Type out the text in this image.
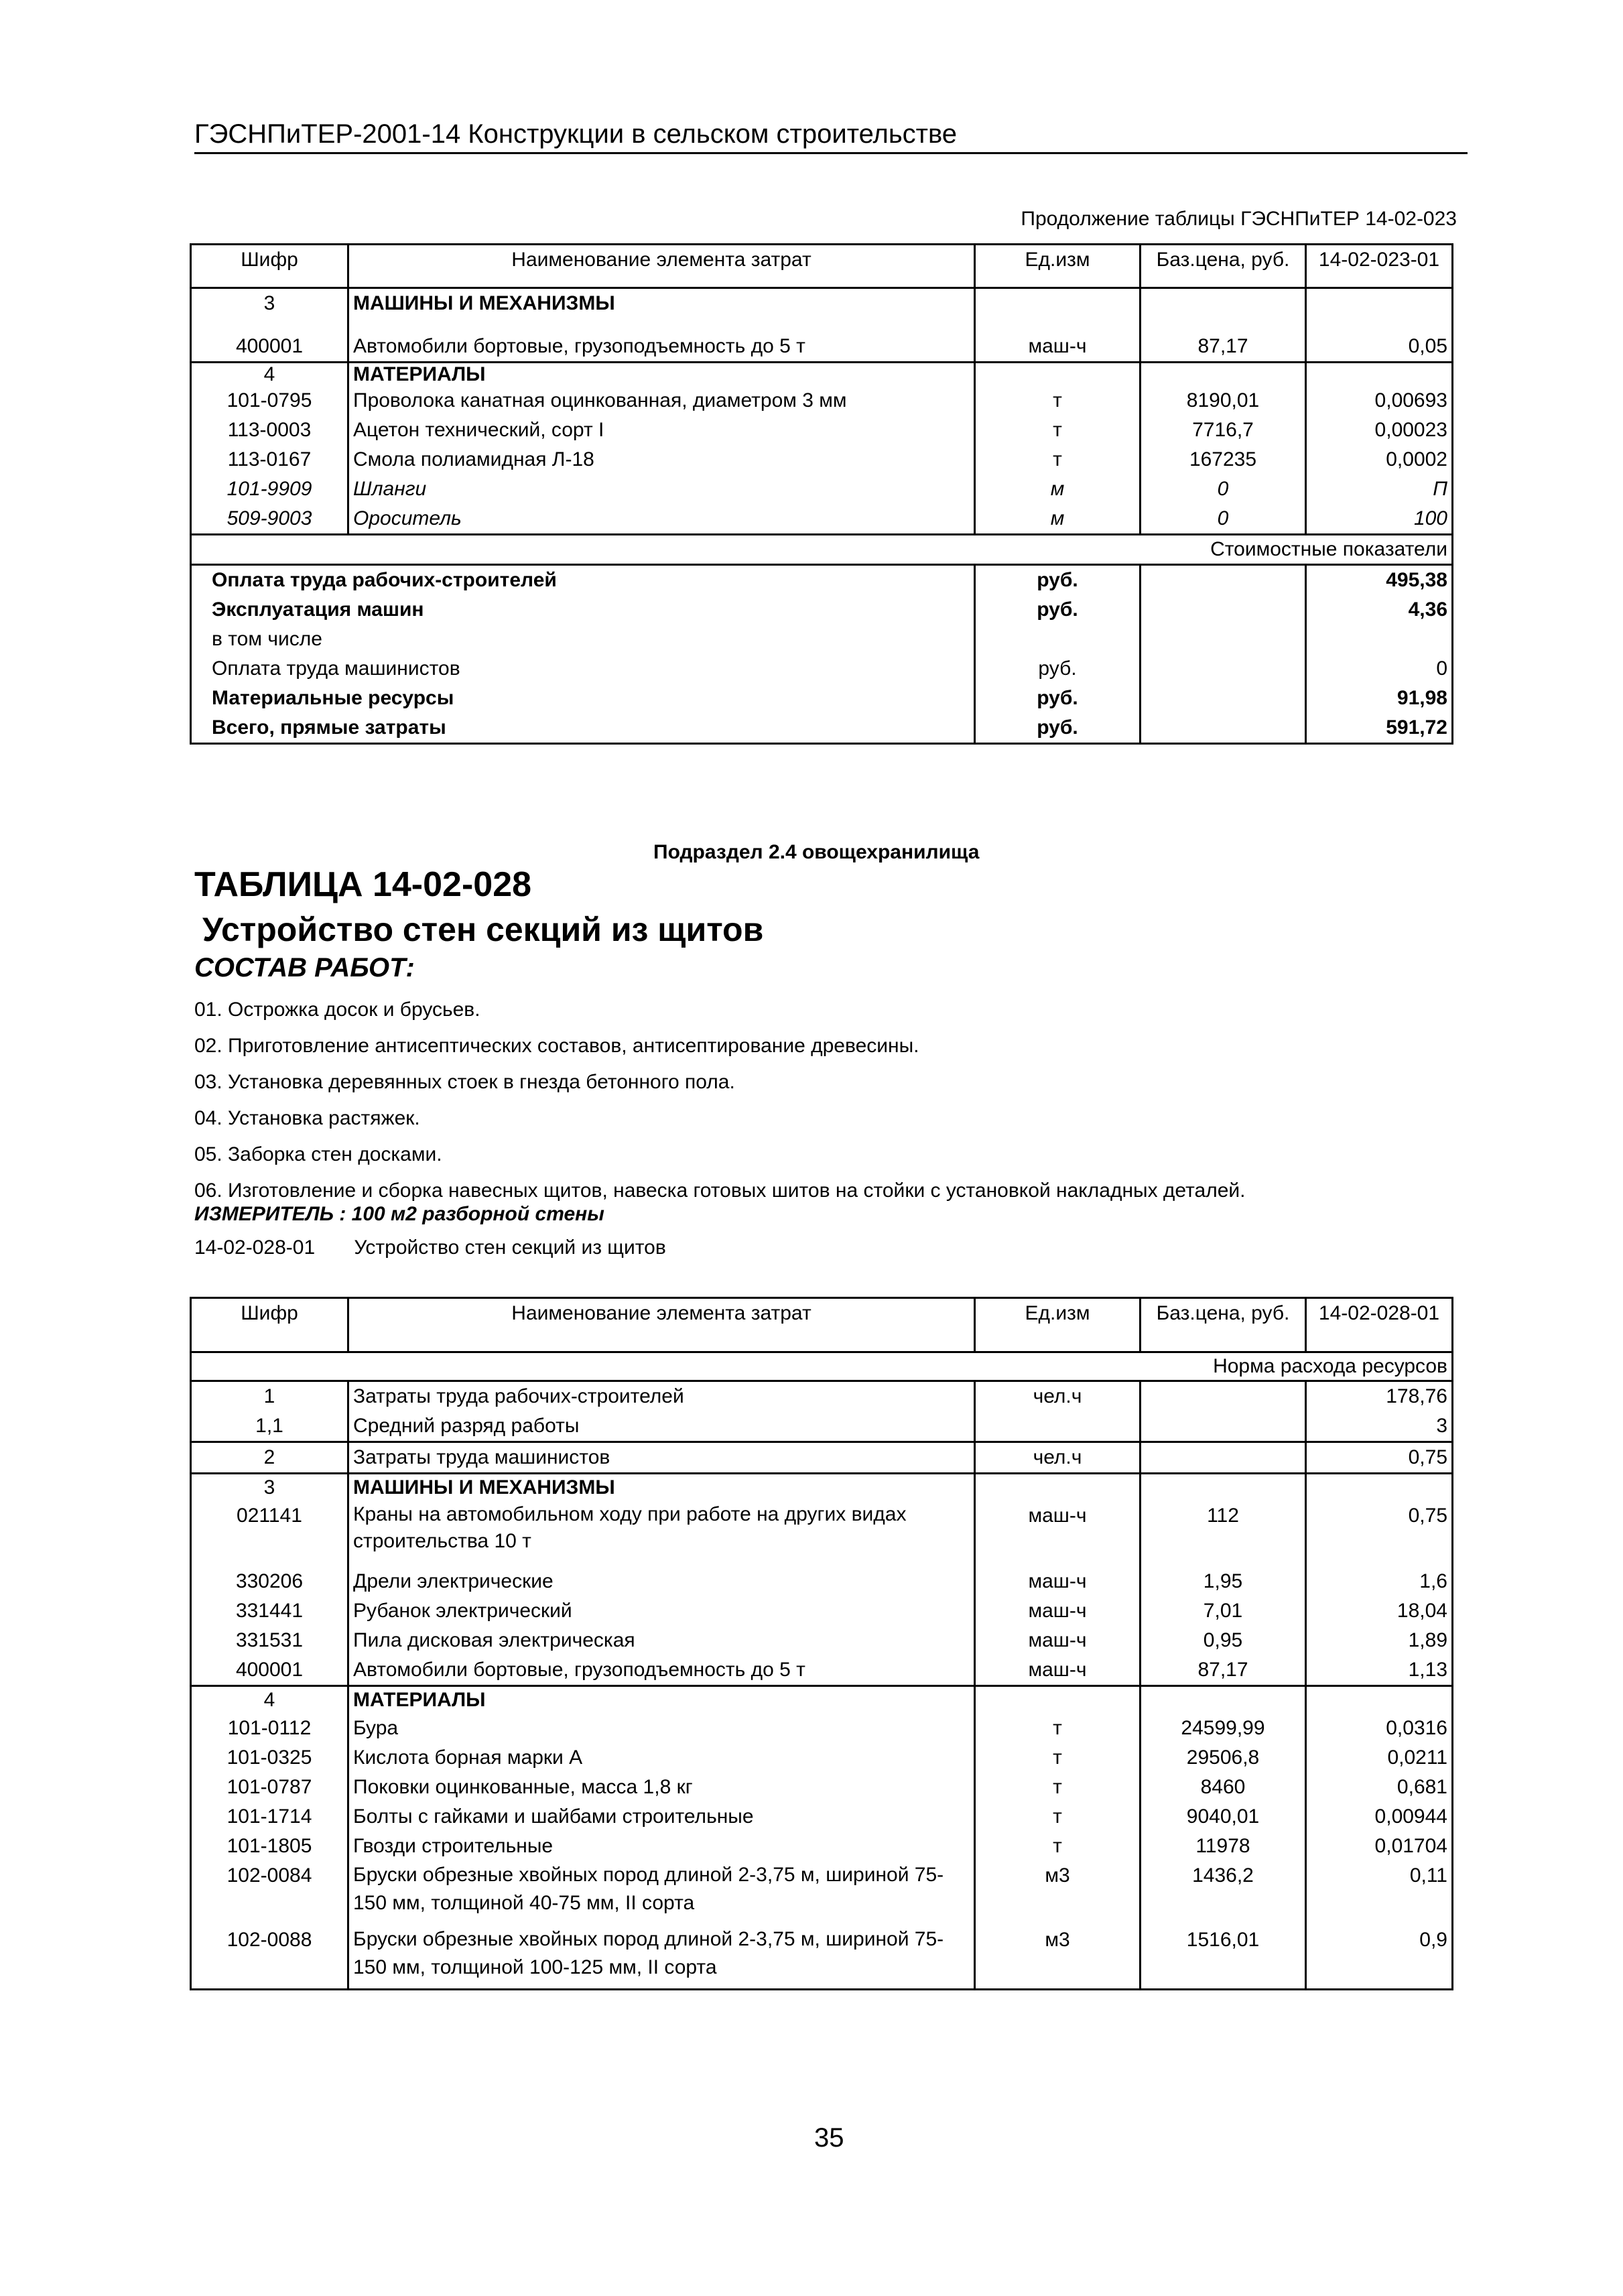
ГЭСНПиТЕР-2001-14 Конструкции в сельском строительстве
Продолжение таблицы ГЭСНПиТЕР 14-02-023
Шифр	Наименование элемента затрат	Ед.изм	Баз.цена, руб.	14-02-023-01
3	МАШИНЫ И МЕХАНИЗМЫ			
400001	Автомобили бортовые, грузоподъемность до 5 т	маш-ч	87,17	0,05
4	МАТЕРИАЛЫ			
101-0795	Проволока канатная оцинкованная, диаметром 3 мм	т	8190,01	0,00693
113-0003	Ацетон технический, сорт I	т	7716,7	0,00023
113-0167	Смола полиамидная Л-18	т	167235	0,0002
101-9909	Шланги	м	0	П
509-9003	Ороситель	м	0	100
Стоимостные показатели				
Оплата труда рабочих-строителей		руб.		495,38
Эксплуатация машин		руб.		4,36
в том числе				
Оплата труда машинистов		руб.		0
Материальные ресурсы		руб.		91,98
Всего, прямые затраты		руб.		591,72
Подраздел 2.4 овощехранилища
ТАБЛИЦА 14-02-028
Устройство стен секций из щитов
СОСТАВ РАБОТ:
01. Острожка досок и брусьев.
02. Приготовление антисептических составов, антисептирование древесины.
03. Установка деревянных стоек в гнезда бетонного пола.
04. Установка растяжек.
05. Заборка стен досками.
06. Изготовление и сборка навесных щитов, навеска готовых шитов на стойки с установкой накладных деталей.
ИЗМЕРИТЕЛЬ : 100 м2 разборной стены
14-02-028-01 Устройство стен секций из щитов
Шифр	Наименование элемента затрат	Ед.изм	Баз.цена, руб.	14-02-028-01
Норма расхода ресурсов				
1	Затраты труда рабочих-строителей	чел.ч		178,76
1,1	Средний разряд работы			3
2	Затраты труда машинистов	чел.ч		0,75
3	МАШИНЫ И МЕХАНИЗМЫ			
021141	Краны на автомобильном ходу при работе на других видах строительства 10 т	маш-ч	112	0,75
330206	Дрели электрические	маш-ч	1,95	1,6
331441	Рубанок электрический	маш-ч	7,01	18,04
331531	Пила дисковая электрическая	маш-ч	0,95	1,89
400001	Автомобили бортовые, грузоподъемность до 5 т	маш-ч	87,17	1,13
4	МАТЕРИАЛЫ			
101-0112	Бура	т	24599,99	0,0316
101-0325	Кислота борная марки А	т	29506,8	0,0211
101-0787	Поковки оцинкованные, масса 1,8 кг	т	8460	0,681
101-1714	Болты с гайками и шайбами строительные	т	9040,01	0,00944
101-1805	Гвозди строительные	т	11978	0,01704
102-0084	Бруски обрезные хвойных пород длиной 2-3,75 м, шириной 75-150 мм, толщиной 40-75 мм, II сорта	м3	1436,2	0,11
102-0088	Бруски обрезные хвойных пород длиной 2-3,75 м, шириной 75-150 мм, толщиной 100-125 мм, II сорта	м3	1516,01	0,9
35
